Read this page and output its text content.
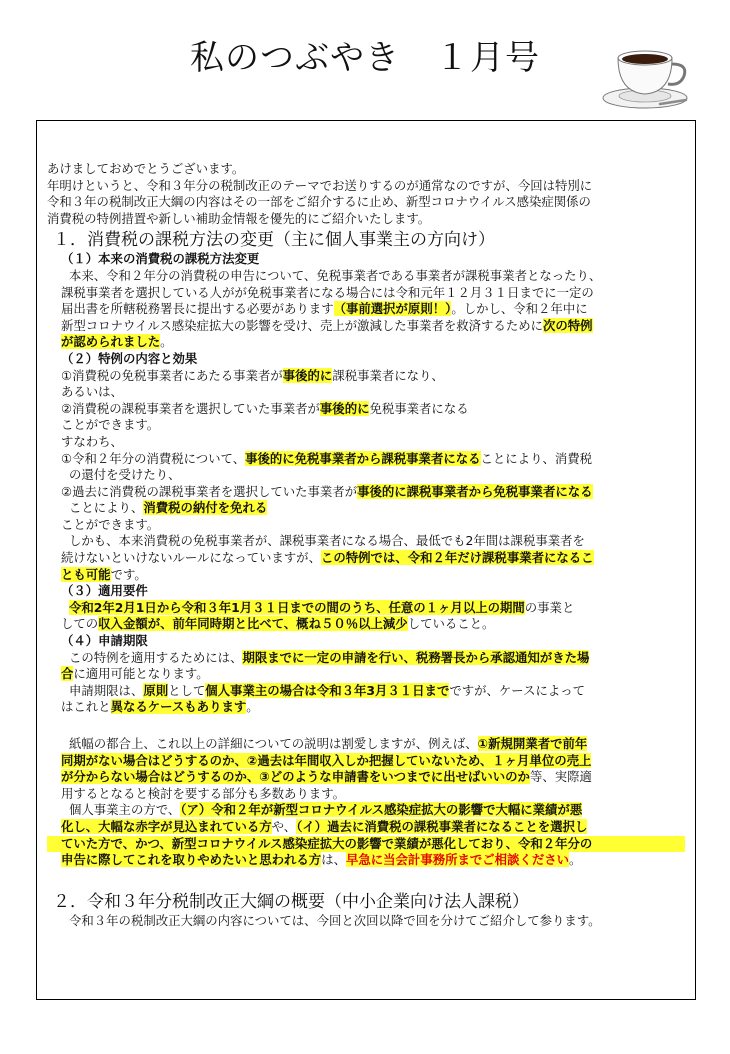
私のつぶやき　１月号

あけましておめでとうございます。

年明けというと、令和３年分の税制改正のテーマでお送りするのが通常なのですが、今回は特別に

令和３年の税制改正大綱の内容はその一部をご紹介するに止め、新型コロナウイルス感染症関係の

消費税の特例措置や新しい補助金情報を優先的にご紹介いたします。

１．消費税の課税方法の変更（主に個人事業主の方向け）

（１）本来の消費税の課税方法変更

本来、令和２年分の消費税の申告について、免税事業者である事業者が課税事業者となったり、

課税事業者を選択している人がが免税事業者になる場合には令和元年１２月３１日までに一定の

届出書を所轄税務署長に提出する必要があります（事前選択が原則！）。しかし、令和２年中に

新型コロナウイルス感染症拡大の影響を受け、売上が激減した事業者を救済するために次の特例

が認められました。

（２）特例の内容と効果

①消費税の免税事業者にあたる事業者が事後的に課税事業者になり、

あるいは、

②消費税の課税事業者を選択していた事業者が事後的に免税事業者になる

ことができます。

すなわち、

①令和２年分の消費税について、事後的に免税事業者から課税事業者になることにより、消費税

の還付を受けたり、

②過去に消費税の課税事業者を選択していた事業者が事後的に課税事業者から免税事業者になる

ことにより、消費税の納付を免れる

ことができます。

しかも、本来消費税の免税事業者が、課税事業者になる場合、最低でも2年間は課税事業者を

続けないといけないルールになっていますが、この特例では、令和２年だけ課税事業者になるこ

とも可能です。

（３）適用要件

令和2年2月1日から令和３年1月３１日までの間のうち、任意の１ヶ月以上の期間の事業と

しての収入金額が、前年同時期と比べて、概ね５０％以上減少していること。

（４）申請期限

この特例を適用するためには、期限までに一定の申請を行い、税務署長から承認通知がきた場

合に適用可能となります。

申請期限は、原則として個人事業主の場合は令和３年3月３１日までですが、ケースによって

はこれと異なるケースもあります。

紙幅の都合上、これ以上の詳細についての説明は割愛しますが、例えば、①新規開業者で前年

同期がない場合はどうするのか、②過去は年間収入しか把握していないため、１ヶ月単位の売上

が分からない場合はどうするのか、③どのような申請書をいつまでに出せばいいのか等、実際適

用するとなると検討を要する部分も多数あります。

個人事業主の方で、（ア）令和２年が新型コロナウイルス感染症拡大の影響で大幅に業績が悪

化し、大幅な赤字が見込まれている方や、（イ）過去に消費税の課税事業者になることを選択し

ていた方で、かつ、新型コロナウイルス感染症拡大の影響で業績が悪化しており、令和２年分の

申告に際してこれを取りやめたいと思われる方は、早急に当会計事務所までご相談ください。

２．令和３年分税制改正大綱の概要（中小企業向け法人課税）

令和３年の税制改正大綱の内容については、今回と次回以降で回を分けてご紹介して参ります。
